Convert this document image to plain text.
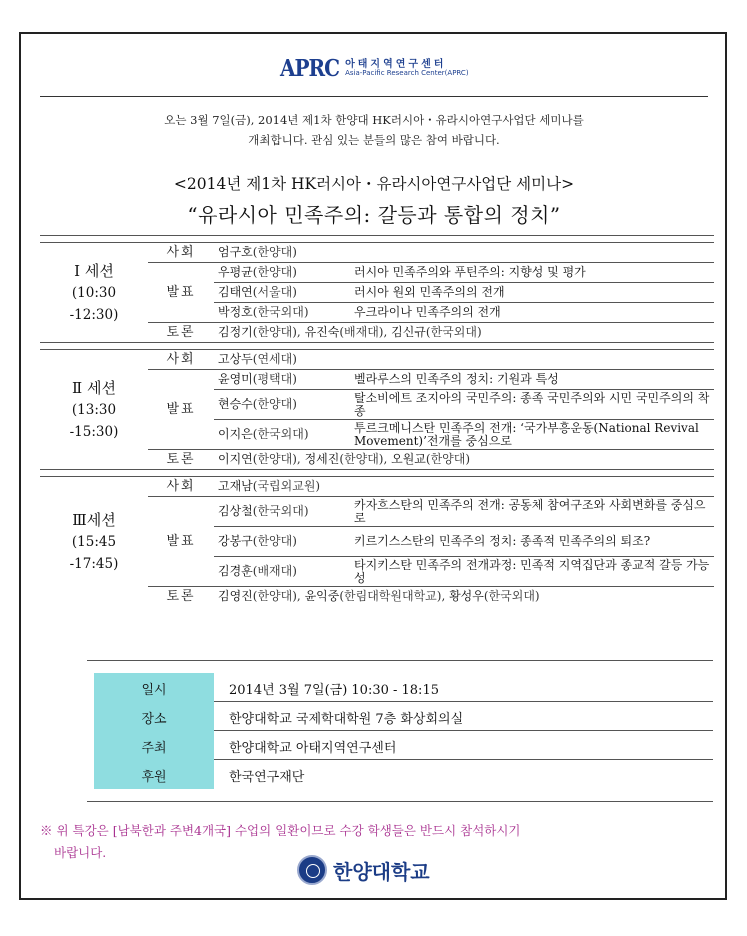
APRC 아태지역연구센터
Asia-Pacific Research Center(APRC)
오는 3월 7일(금), 2014년 제1차 한양대 HK러시아・유라시아연구사업단 세미나를
개최합니다. 관심 있는 분들의 많은 참여 바랍니다.
<2014년 제1차 HK러시아・유라시아연구사업단 세미나>
“유라시아 민족주의: 갈등과 통합의 정치”

I 세션
(10:30
-12:30)	사회	엄구호(한양대)	
	발표	우평균(한양대)	러시아 민족주의와 푸틴주의: 지향성 및 평가
		김태연(서울대)	러시아 원외 민족주의의 전개
		박정호(한국외대)	우크라이나 민족주의의 전개
	토론	김정기(한양대), 유진숙(배재대), 김신규(한국외대)	

Ⅱ 세션
(13:30
-15:30)	사회	고상두(연세대)	
	발표	윤영미(평택대)	벨라루스의 민족주의 정치: 기원과 특성
		현승수(한양대)	탈소비에트 조지아의 국민주의: 종족 국민주의와 시민 국민주의의 착종
		이지은(한국외대)	투르크메니스탄 민족주의 전개: ‘국가부흥운동(National Revival Movement)’전개를 중심으로
	토론	이지연(한양대), 정세진(한양대), 오원교(한양대)	

Ⅲ세션
(15:45
-17:45)	사회	고재남(국립외교원)	
	발표	김상철(한국외대)	카자흐스탄의 민족주의 전개: 공동체 참여구조와 사회변화를 중심으로
		강봉구(한양대)	키르기스스탄의 민족주의 정치: 종족적 민족주의의 퇴조?
		김경훈(배재대)	타지키스탄 민족주의 전개과정: 민족적 지역집단과 종교적 갈등 가능성
	토론	김영진(한양대), 윤익중(한림대학원대학교), 황성우(한국외대)	
일시	2014년 3월 7일(금) 10:30 - 18:15
장소	한양대학교 국제학대학원 7층 화상회의실
주최	한양대학교 아태지역연구센터
후원	한국연구재단
※ 위 특강은 [남북한과 주변4개국] 수업의 일환이므로 수강 학생들은 반드시 참석하시기
바랍니다.
한양대학교
